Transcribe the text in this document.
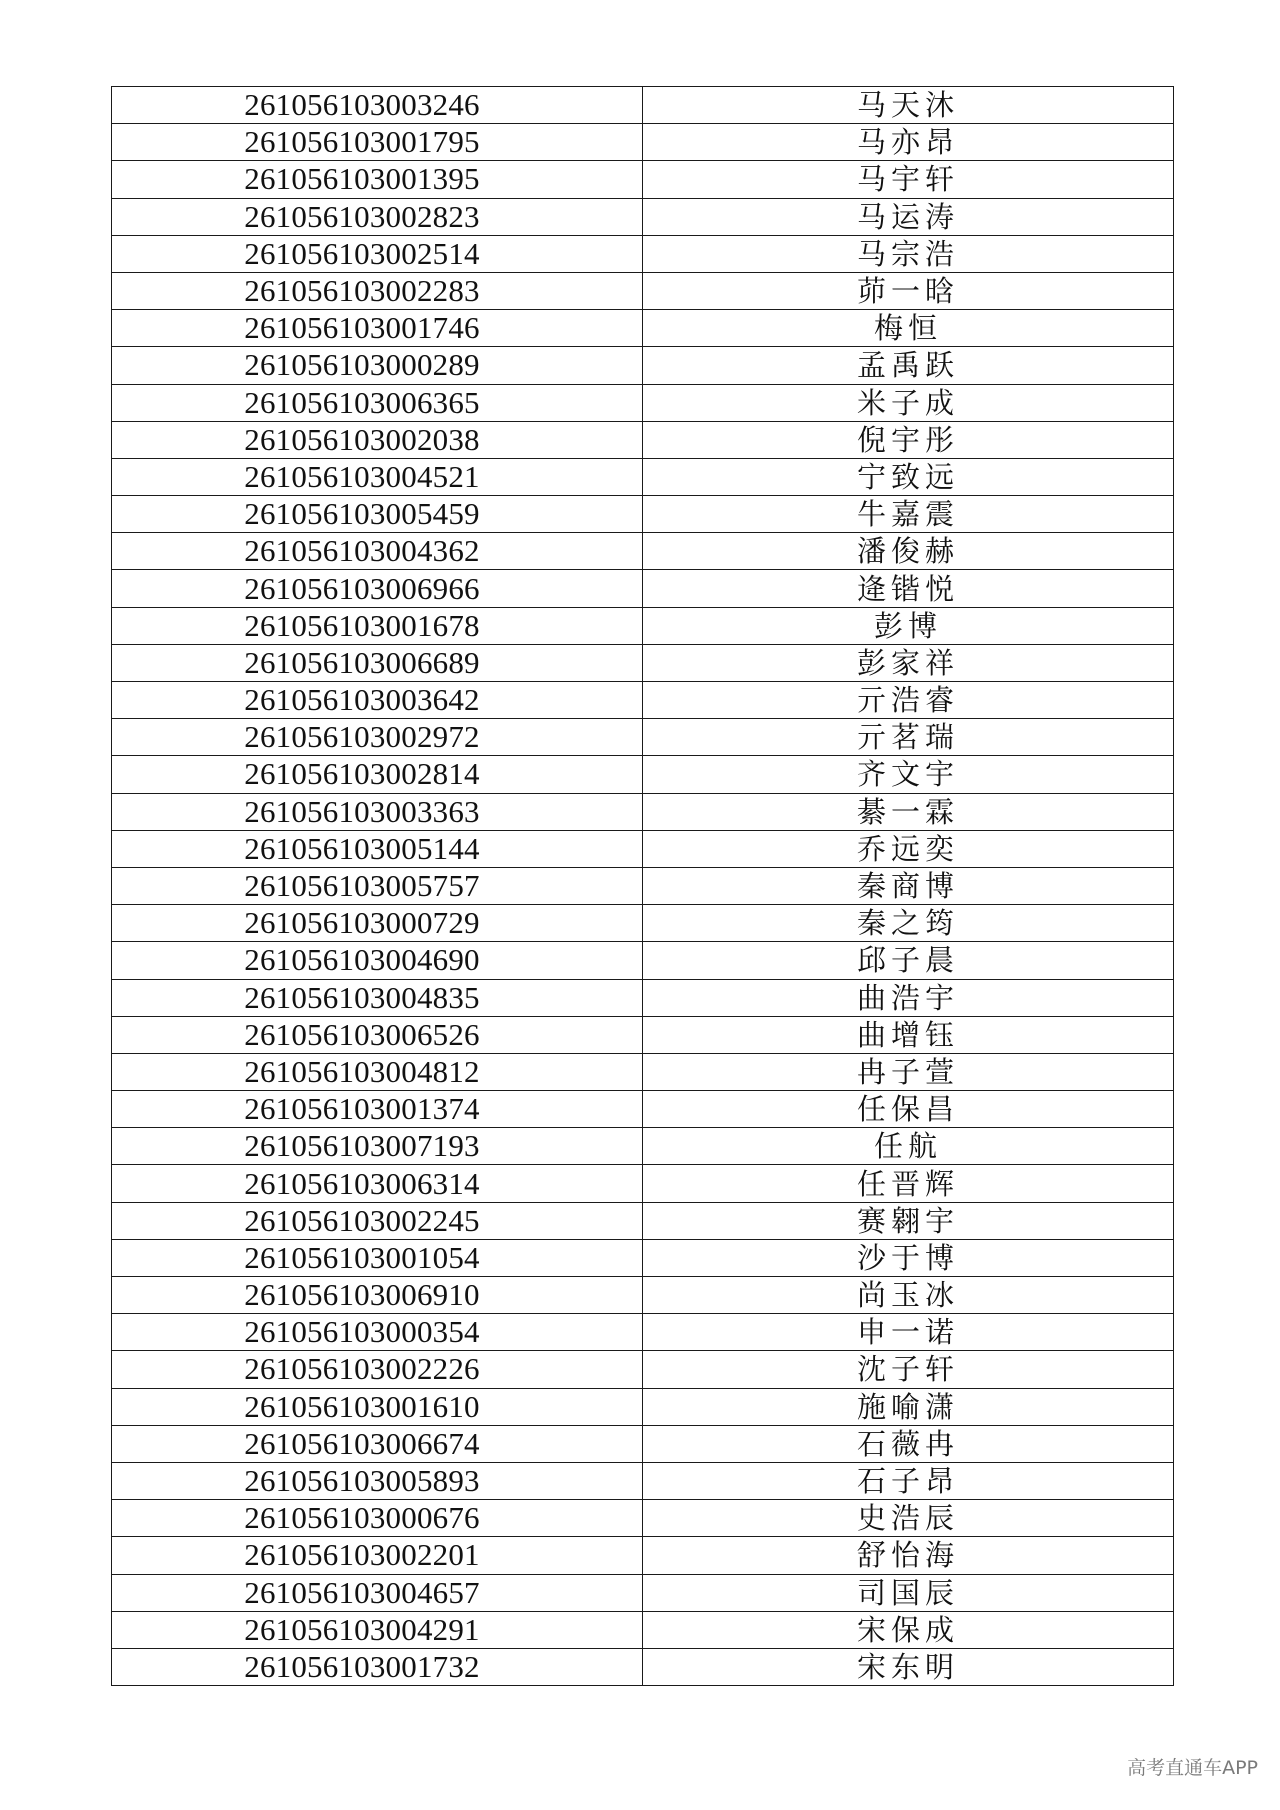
261056103003246	马天沐
261056103001795	马亦昂
261056103001395	马宇轩
261056103002823	马运涛
261056103002514	马宗浩
261056103002283	茆一晗
261056103001746	梅恒
261056103000289	孟禹跃
261056103006365	米子成
261056103002038	倪宇彤
261056103004521	宁致远
261056103005459	牛嘉震
261056103004362	潘俊赫
261056103006966	逄锴悦
261056103001678	彭博
261056103006689	彭家祥
261056103003642	亓浩睿
261056103002972	亓茗瑞
261056103002814	齐文宇
261056103003363	綦一霖
261056103005144	乔远奕
261056103005757	秦商博
261056103000729	秦之筠
261056103004690	邱子晨
261056103004835	曲浩宇
261056103006526	曲增钰
261056103004812	冉子萱
261056103001374	任保昌
261056103007193	任航
261056103006314	任晋辉
261056103002245	赛翱宇
261056103001054	沙于博
261056103006910	尚玉冰
261056103000354	申一诺
261056103002226	沈子轩
261056103001610	施喻潇
261056103006674	石薇冉
261056103005893	石子昂
261056103000676	史浩辰
261056103002201	舒怡海
261056103004657	司国辰
261056103004291	宋保成
261056103001732	宋东明
高考直通车APP
